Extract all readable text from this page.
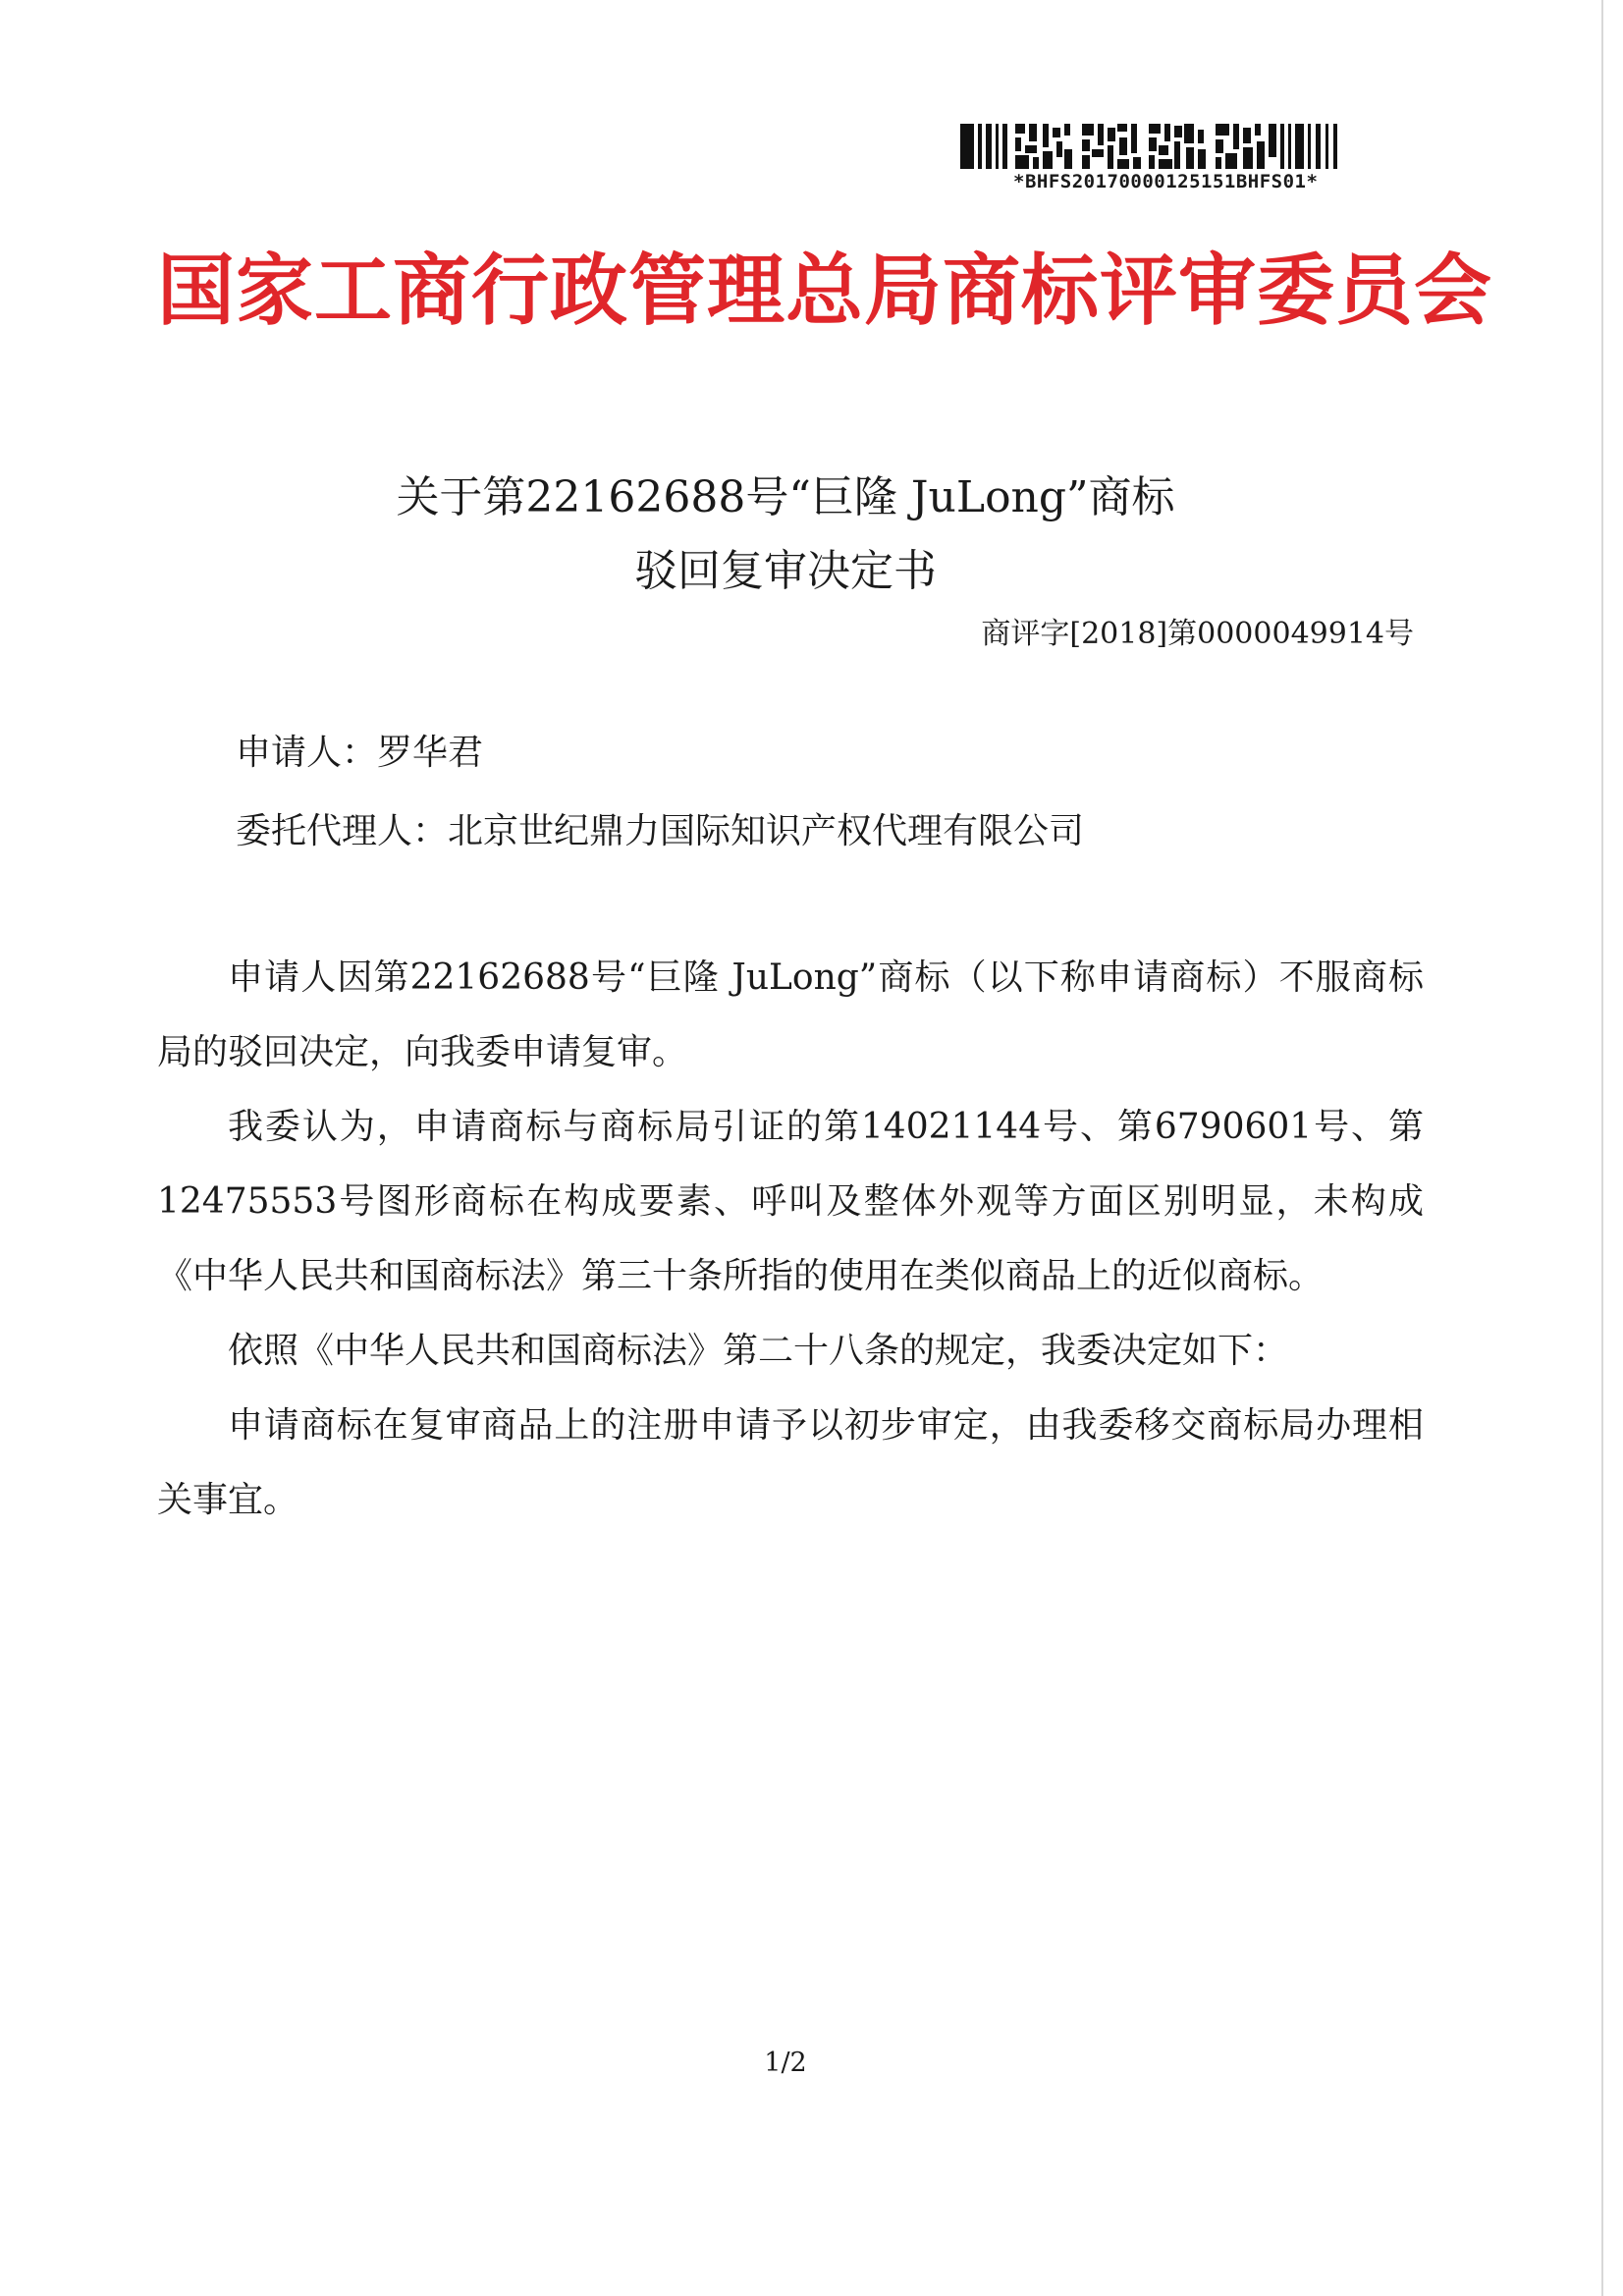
*BHFS20170000125151BHFS01*
国家工商行政管理总局商标评审委员会
关于第22162688号“巨隆 JuLong”商标
驳回复审决定书
商评字[2018]第0000049914号
申请人：罗华君
委托代理人：北京世纪鼎力国际知识产权代理有限公司

申请人因第22162688号“巨隆 JuLong”商标（以下称申请商标）不服商标局的驳回决定，向我委申请复审。

我委认为，申请商标与商标局引证的第14021144号、第6790601号、第12475553号图形商标在构成要素、呼叫及整体外观等方面区别明显，未构成《中华人民共和国商标法》第三十条所指的使用在类似商品上的近似商标。

依照《中华人民共和国商标法》第二十八条的规定，我委决定如下：

申请商标在复审商品上的注册申请予以初步审定，由我委移交商标局办理相关事宜。

1/2
